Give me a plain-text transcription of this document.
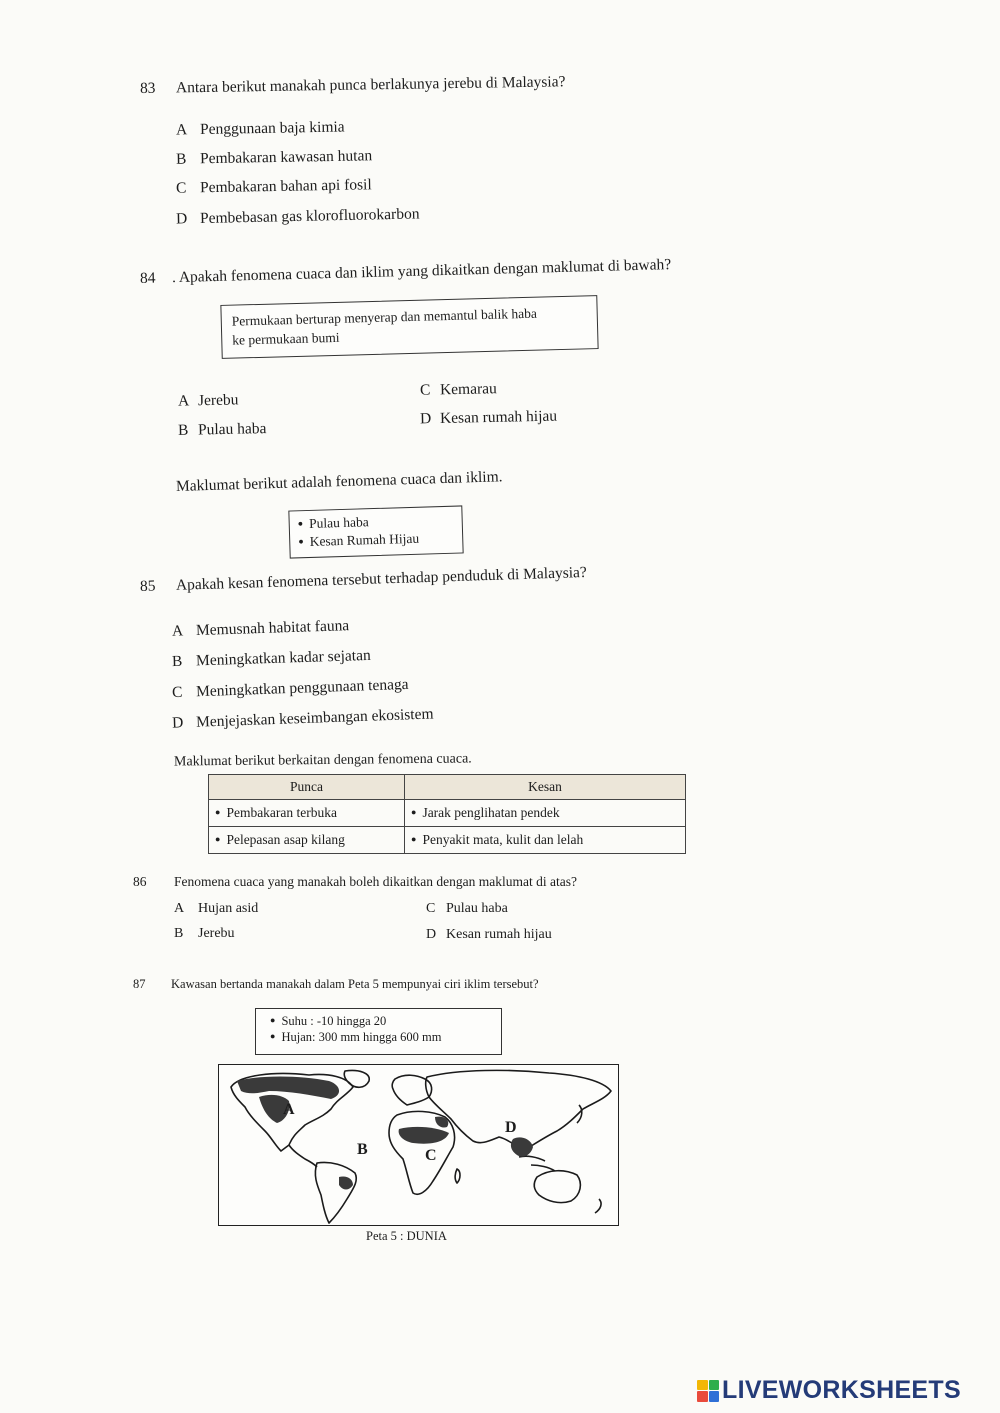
83 Antara berikut manakah punca berlakunya jerebu di Malaysia?
A Penggunaan baja kimia
B Pembakaran kawasan hutan
C Pembakaran bahan api fosil
D Pembebasan gas klorofluorokarbon
84 . Apakah fenomena cuaca dan iklim yang dikaitkan dengan maklumat di bawah?
Permukaan berturap menyerap dan memantul balik haba
ke permukaan bumi
A Jerebu
B Pulau haba
C Kemarau
D Kesan rumah hijau
Maklumat berikut adalah fenomena cuaca dan iklim.
● Pulau haba
● Kesan Rumah Hijau
85 Apakah kesan fenomena tersebut terhadap penduduk di Malaysia?
A Memusnah habitat fauna
B Meningkatkan kadar sejatan
C Meningkatkan penggunaan tenaga
D Menjejaskan keseimbangan ekosistem
Maklumat berikut berkaitan dengan fenomena cuaca.
Punca	Kesan
● Pembakaran terbuka	● Jarak penglihatan pendek
● Pelepasan asap kilang	● Penyakit mata, kulit dan lelah
86 Fenomena cuaca yang manakah boleh dikaitkan dengan maklumat di atas?
A Hujan asid
B Jerebu
C Pulau haba
D Kesan rumah hijau
87 Kawasan bertanda manakah dalam Peta 5 mempunyai ciri iklim tersebut?
● Suhu : -10 hingga 20
● Hujan: 300 mm hingga 600 mm
A
B	C
D
Peta 5 : DUNIA
LIVEWORKSHEETS
